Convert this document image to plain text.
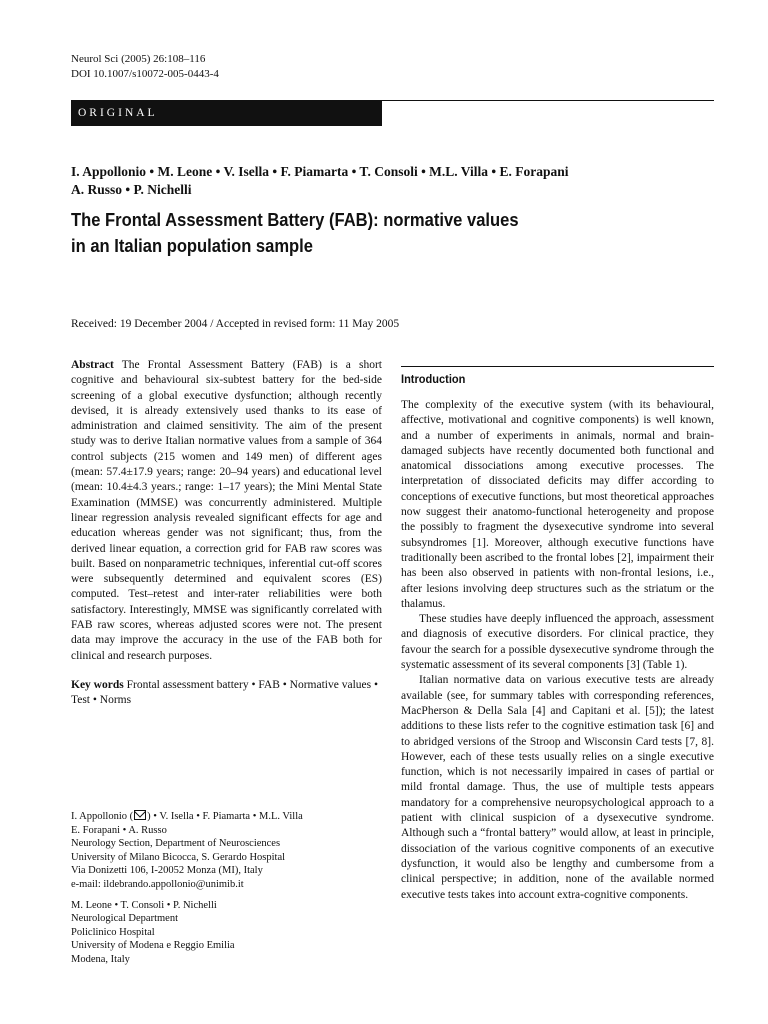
Neurol Sci (2005) 26:108–116
DOI 10.1007/s10072-005-0443-4
ORIGINAL
I. Appollonio • M. Leone • V. Isella • F. Piamarta • T. Consoli • M.L. Villa • E. Forapani
A. Russo • P. Nichelli
The Frontal Assessment Battery (FAB): normative values
in an Italian population sample
Received: 19 December 2004 / Accepted in revised form: 11 May 2005

Abstract The Frontal Assessment Battery (FAB) is a short cognitive and behavioural six-subtest battery for the bed-side screening of a global executive dysfunction; although recently devised, it is already extensively used thanks to its ease of administration and claimed sensitivity. The aim of the present study was to derive Italian normative values from a sample of 364 control subjects (215 women and 149 men) of different ages (mean: 57.4±17.9 years; range: 20–94 years) and educational level (mean: 10.4±4.3 years.; range: 1–17 years); the Mini Mental State Examination (MMSE) was concurrently administered. Multiple linear regression analysis revealed significant effects for age and education whereas gender was not significant; thus, from the derived linear equation, a correction grid for FAB raw scores was built. Based on nonparametric techniques, inferential cut-off scores were subsequently determined and equivalent scores (ES) computed. Test–retest and inter-rater reliabilities were both satisfactory. Interestingly, MMSE was significantly correlated with FAB raw scores, whereas adjusted scores were not. The present data may improve the accuracy in the use of the FAB both for clinical and research purposes.

Key words Frontal assessment battery • FAB • Normative values • Test • Norms

I. Appollonio ( ) • V. Isella • F. Piamarta • M.L. Villa
E. Forapani • A. Russo
Neurology Section, Department of Neurosciences
University of Milano Bicocca, S. Gerardo Hospital
Via Donizetti 106, I-20052 Monza (MI), Italy
e-mail: ildebrando.appollonio@unimib.it
M. Leone • T. Consoli • P. Nichelli
Neurological Department
Policlinico Hospital
University of Modena e Reggio Emilia
Modena, Italy
Introduction

The complexity of the executive system (with its behavioural, affective, motivational and cognitive components) is well known, and a number of experiments in animals, normal and brain-damaged subjects have recently documented both functional and anatomical dissociations among executive processes. The interpretation of dissociated deficits may differ according to conceptions of executive functions, but most theoretical approaches now suggest their anatomo-functional heterogeneity and propose the possibly to fragment the dysexecutive syndrome into several subsyndromes [1]. Moreover, although executive functions have traditionally been ascribed to the frontal lobes [2], impairment their has been also observed in patients with non-frontal lesions, i.e., after lesions involving deep structures such as the striatum or the thalamus.

These studies have deeply influenced the approach, assessment and diagnosis of executive disorders. For clinical practice, they favour the search for a possible dysexecutive syndrome through the systematic assessment of its several components [3] (Table 1).

Italian normative data on various executive tests are already available (see, for summary tables with corresponding references, MacPherson & Della Sala [4] and Capitani et al. [5]); the latest additions to these lists refer to the cognitive estimation task [6] and to abridged versions of the Stroop and Wisconsin Card tests [7, 8]. However, each of these tests usually relies on a single executive function, which is not necessarily impaired in cases of partial or mild frontal damage. Thus, the use of multiple tests appears mandatory for a comprehensive neuropsychological approach to a patient with clinical suspicion of a dysexecutive syndrome. Although such a “frontal battery” would allow, at least in principle, dissociation of the various cognitive components of an executive dysfunction, it would also be lengthy and cumbersome from a clinical perspective; in addition, none of the available normed executive tests takes into account extra-cognitive components.
